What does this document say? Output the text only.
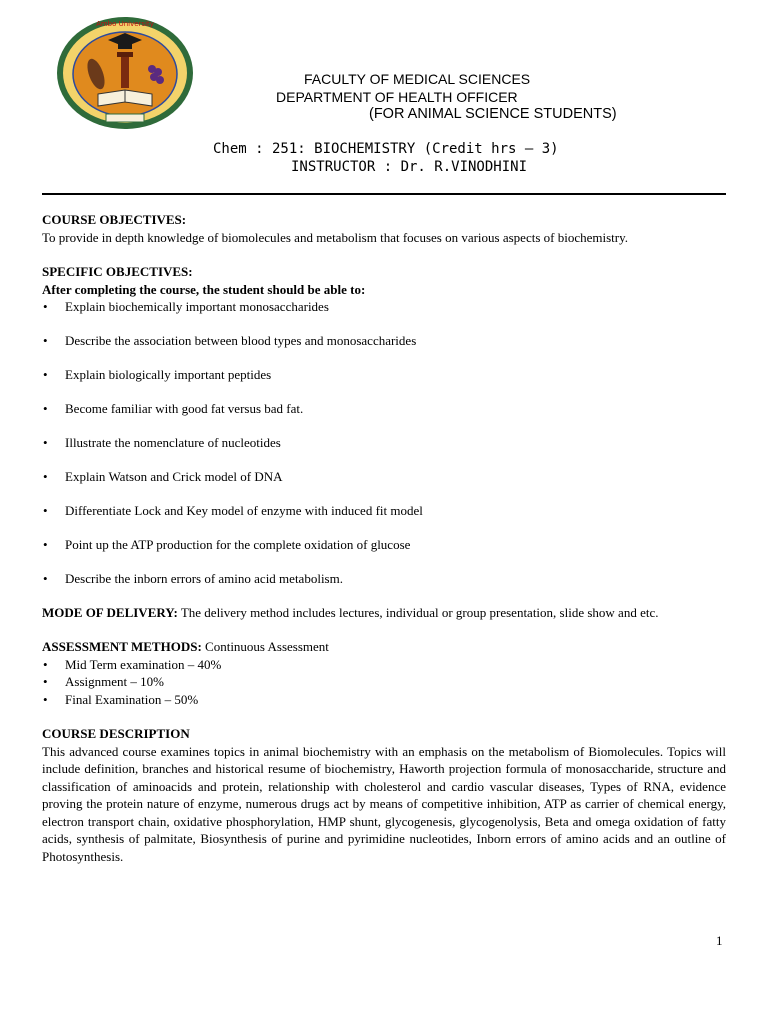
Ambo University
FACULTY OF MEDICAL SCIENCES
DEPARTMENT OF HEALTH OFFICER
(FOR ANIMAL SCIENCE STUDENTS)
Chem : 251: BIOCHEMISTRY (Credit hrs – 3)
INSTRUCTOR : Dr. R.VINODHINI
COURSE OBJECTIVES:
To provide in depth knowledge of biomolecules and metabolism that focuses on various aspects of biochemistry.
SPECIFIC OBJECTIVES:
After completing the course, the student should be able to:
• Explain biochemically important monosaccharides
• Describe the association between blood types and monosaccharides
• Explain biologically important peptides
• Become familiar with good fat versus bad fat.
• Illustrate the nomenclature of nucleotides
• Explain Watson and Crick model of DNA
• Differentiate Lock and Key model of enzyme with induced fit model
• Point up the ATP production for the complete oxidation of glucose
• Describe the inborn errors of amino acid metabolism.
MODE OF DELIVERY: The delivery method includes lectures, individual or group presentation, slide show and etc.
ASSESSMENT METHODS: Continuous Assessment
• Mid Term examination – 40%
• Assignment – 10%
• Final Examination – 50%
COURSE DESCRIPTION
This advanced course examines topics in animal biochemistry with an emphasis on the metabolism of Biomolecules. Topics will include definition, branches and historical resume of biochemistry, Haworth projection formula of monosaccharide, structure and classification of aminoacids and protein, relationship with cholesterol and cardio vascular diseases, Types of RNA, evidence proving the protein nature of enzyme, numerous drugs act by means of competitive inhibition, ATP as carrier of chemical energy, electron transport chain, oxidative phosphorylation, HMP shunt, glycogenesis, glycogenolysis, Beta and omega oxidation of fatty acids, synthesis of palmitate, Biosynthesis of purine and pyrimidine nucleotides, Inborn errors of amino acids and an outline of Photosynthesis.
1
